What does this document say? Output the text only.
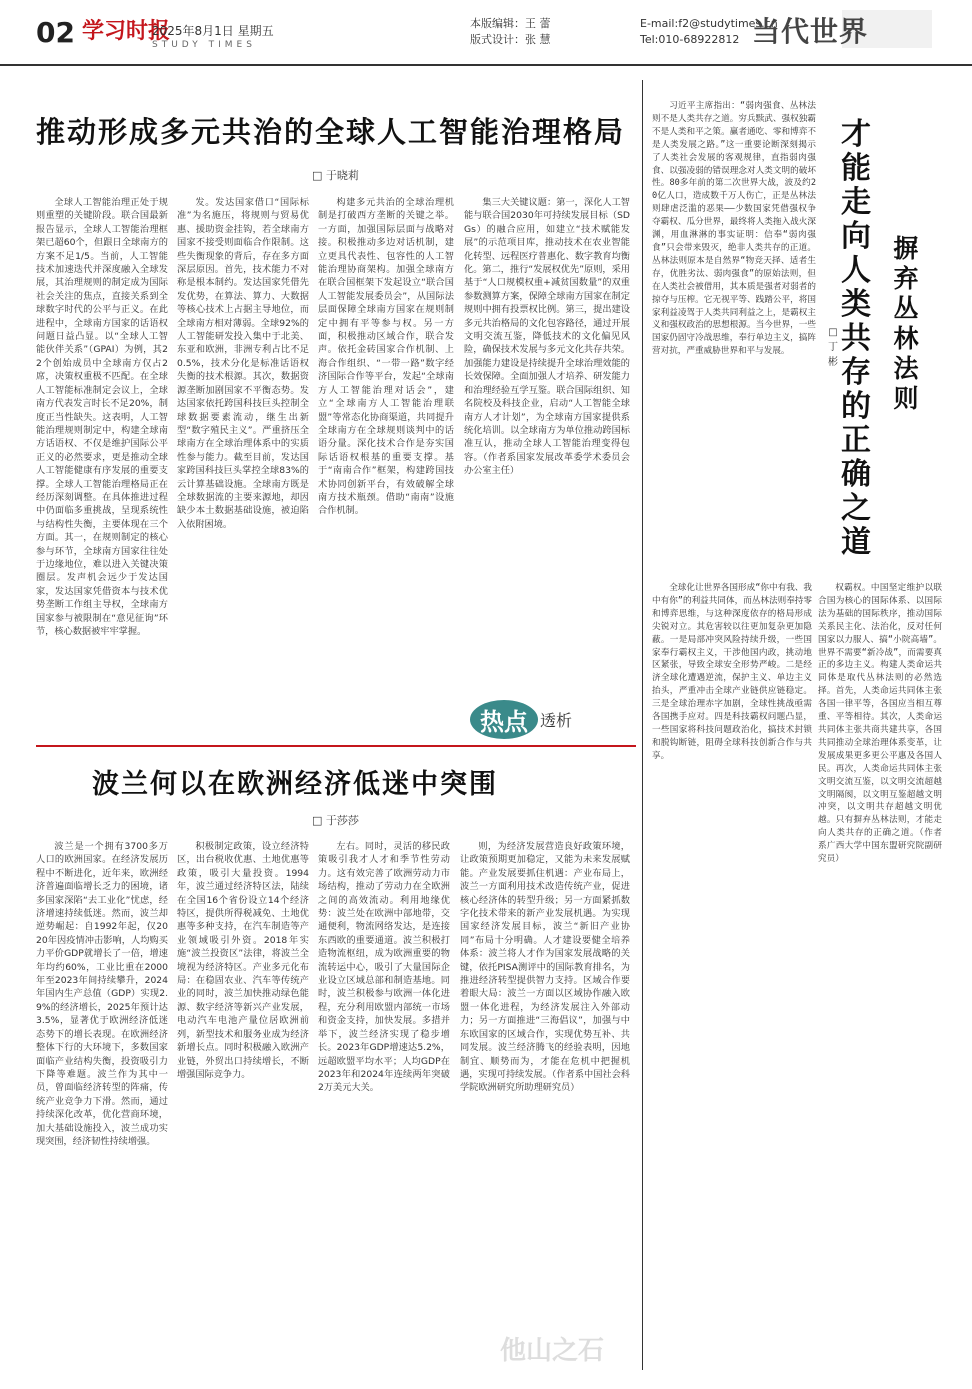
02 学习时报
2025年8月1日 星期五
STUDY TIMES
本版编辑：王 蕾
版式设计：张 慧
E-mail:f2@studytimes.cn
Tel:010-68922812 当代世界
推动形成多元共治的全球人工智能治理格局
□ 于晓莉

全球人工智能治理正处于规则重塑的关键阶段。联合国最新报告显示，全球人工智能治理框架已超60个，但跟日全球南方的方案不足1/5。当前，人工智能技术加速迭代并深度融入全球发展，其治理规则的制定成为国际社会关注的焦点，直接关系到全球数字时代的公平与正义。在此进程中，全球南方国家的话语权问题日益凸显。以“全球人工智能伙伴关系”（GPAI）为例，其22个创始成员中全球南方仅占2席，决策权重极不匹配。在全球人工智能标准制定会议上，全球南方代表发言时长不足20%，制度正当性缺失。这表明，人工智能治理规则制定中，构建全球南方话语权、不仅是维护国际公平正义的必然要求，更是推动全球人工智能健康有序发展的重要支撑。全球人工智能治理格局正在经历深刻调整。在具体推进过程中仍面临多重挑战，呈现系统性与结构性失衡，主要体现在三个方面。其一，在规则制定的核心参与环节，全球南方国家往往处于边缘地位，难以进入关键决策圈层。发声机会远少于发达国家，发达国家凭借资本与技术优势垄断工作组主导权，全球南方国家参与被限制在“意见征询”环节，核心数据被牢牢掌握。

发。发达国家借口“国际标准”为名施压，将规则与贸易优惠、援助资金挂钩，若全球南方国家不接受则面临合作限制。这些失衡现象的背后，存在多方面深层原因。首先，技术能力不对称是根本制约。发达国家凭借先发优势，在算法、算力、大数据等核心技术上占据主导地位，而全球南方相对薄弱。全球92%的人工智能研发投入集中于北美、东亚和欧洲，非洲专利占比不足0.5%，技术分化是标准话语权失衡的技术根源。其次，数据资源垄断加剧国家不平衡态势。发达国家依托跨国科技巨头控制全球数据要素流动，继生出新型“数字殖民主义”。严重挤压全球南方在全球治理体系中的实质性参与能力。截至目前，发达国家跨国科技巨头掌控全球83%的云计算基础设施。全球南方既是全球数据流的主要来源地，却因缺少本土数据基础设施，被迫陷入依附困境。

构建多元共治的全球治理机制是打破西方垄断的关键之举。一方面，加强国际层面与战略对接。积极推动多边对话机制，建立更具代表性、包容性的人工智能治理协商架构。加强全球南方在联合国框架下发起设立“联合国人工智能发展委员会”，从国际法层面保障全球南方国家在规则制定中拥有平等参与权。另一方面，积极推动区域合作，联合发声。依托金砖国家合作机制、上海合作组织、“一带一路”数字经济国际合作等平台，发起“全球南方人工智能治理对话会”，建立“全球南方人工智能治理联盟”等常态化协商渠道，共同提升全球南方在全球规则谈判中的话语分量。深化技术合作是夯实国际话语权根基的重要支撑。基于“南南合作”框架，构建跨国技术协同创新平台，有效破解全球南方技术瓶颈。借助“南南”设施合作机制。

集三大关键议题：第一，深化人工智能与联合国2030年可持续发展目标（SDGs）的融合应用，如建立“技术赋能发展”的示范项目库，推动技术在农业智能化转型、远程医疗普惠化、数字教育均衡化。第二，推行“发展权优先”原则，采用基于“人口规模权重+减贫国数量”的双重参数测算方案，保障全球南方国家在制定规则中拥有投票权比例。第三，提出建设多元共治格局的文化包容路径，通过开展文明交流互鉴，降低技术的文化偏见风险，确保技术发展与多元文化共存共荣。加强能力建设是持续提升全球治理效能的长效保障。全面加强人才培养、研发能力和治理经验互学互鉴。联合国际组织、知名院校及科技企业，启动“人工智能全球南方人才计划”，为全球南方国家提供系统化培训。以全球南方为单位推动跨国标准互认，推动全球人工智能治理变得包容。（作者系国家发展改革委学术委员会办公室主任）

热点 透析
波兰何以在欧洲经济低迷中突围
□ 于莎莎

波兰是一个拥有3700多万人口的欧洲国家。在经济发展历程中不断进化，近年来，欧洲经济普遍面临增长乏力的困境，诸多国家深陷“去工业化”忧虑，经济增速持续低迷。然而，波兰却逆势崛起：自1992年起，仅2020年因疫情冲击影响，人均购买力平价GDP就增长了一倍，增速年均约60%，工业比重在2000年至2023年间持续攀升，2024年国内生产总值（GDP）实现2.9%的经济增长，2025年预计达3.5%，显著优于欧洲经济低迷态势下的增长表现。在欧洲经济整体下行的大环境下，多数国家面临产业结构失衡，投资吸引力下降等难题。波兰作为其中一员，曾面临经济转型的阵痛，传统产业竞争力下滑。然而，通过持续深化改革，优化营商环境，加大基础设施投入，波兰成功实现突围，经济韧性持续增强。

积极制定政策，设立经济特区，出台税收优惠、土地优惠等政策，吸引大量投资。1994年，波兰通过经济特区法，陆续在全国16个省份设立14个经济特区，提供所得税减免、土地优惠等多种支持，在汽车制造等产业领域吸引外资。2018年实施“波兰投资区”法律，将波兰全境视为经济特区。产业多元化布局：在稳固农业、汽车等传统产业的同时，波兰加快推动绿色能源、数字经济等新兴产业发展，电动汽车电池产量位居欧洲前列，新型技术和服务业成为经济新增长点。同时积极融入欧洲产业链，外贸出口持续增长，不断增强国际竞争力。

左右。同时，灵活的移民政策吸引我才人才和季节性劳动力。这有效完善了欧洲劳动力市场结构，推动了劳动力在全欧洲之间的高效流动。利用地缘优势：波兰处在欧洲中部地带，交通便利，物流网络发达，是连接东西欧的重要通道。波兰积极打造物流枢纽，成为欧洲重要的物流转运中心，吸引了大量国际企业设立区域总部和制造基地。同时，波兰积极参与欧洲一体化进程，充分利用欧盟内部统一市场和资金支持，加快发展。多措并举下，波兰经济实现了稳步增长。2023年GDP增速达5.2%，远超欧盟平均水平；人均GDP在2023年和2024年连续两年突破2万美元大关。

则，为经济发展营造良好政策环境，让政策预期更加稳定，又能为未来发展赋能。产业发展要抓住机遇：产业布局上，波兰一方面利用技术改造传统产业，促进核心经济体的转型升级；另一方面紧抓数字化技术带来的新产业发展机遇。为实现国家经济发展目标，波兰“新旧产业协同”布局十分明确。人才建设要健全培养体系：波兰将人才作为国家发展战略的关键，依托PISA测评中的国际教育排名，为推进经济转型提供智力支持。区域合作要着眼大局：波兰一方面以区域协作融入欧盟一体化进程，为经济发展注入外部动力；另一方面推进“三海倡议”，加强与中东欧国家的区域合作，实现优势互补、共同发展。波兰经济腾飞的经验表明，因地制宜、顺势而为，才能在危机中把握机遇，实现可持续发展。（作者系中国社会科学院欧洲研究所助理研究员）

他山之石
才能走向人类共存的正确之道
摒弃丛林法则
□ 丁彬

习近平主席指出：“弱肉强食、丛林法则不是人类共存之道。穷兵黩武、强权独霸不是人类和平之策。赢者通吃、零和博弈不是人类发展之路。”这一重要论断深刻揭示了人类社会发展的客观规律，直指弱肉强食、以强凌弱的错误理念对人类文明的破坏性。80多年前的第二次世界大战，波及约20亿人口，造成数千万人伤亡，正是丛林法则肆虐泛滥的恶果——少数国家凭借强权争夺霸权、瓜分世界，最终将人类拖入战火深渊，用血淋淋的事实证明：信奉“弱肉强食”只会带来毁灭，绝非人类共存的正道。丛林法则原本是自然界“物竞天择、适者生存，优胜劣汰、弱肉强食”的原始法则，但在人类社会被借用，其本质是强者对弱者的掠夺与压榨。它无视平等、践踏公平，将国家利益凌驾于人类共同利益之上，是霸权主义和强权政治的思想根源。当今世界，一些国家仍固守冷战思维，奉行单边主义，搞阵营对抗，严重威胁世界和平与发展。

全球化让世界各国形成“你中有我、我中有你”的利益共同体，而丛林法则奉持零和博弈思维，与这种深度依存的格局形成尖锐对立。其危害较以往更加复杂更加隐蔽。一是局部冲突风险持续升级，一些国家奉行霸权主义，干涉他国内政，挑动地区紧张，导致全球安全形势严峻。二是经济全球化遭遇逆流，保护主义、单边主义抬头，严重冲击全球产业链供应链稳定。三是全球治理赤字加剧，全球性挑战亟需各国携手应对。四是科技霸权问题凸显，一些国家将科技问题政治化，搞技术封锁和脱钩断链，阻碍全球科技创新合作与共享。

权霸权。中国坚定维护以联合国为核心的国际体系、以国际法为基础的国际秩序，推动国际关系民主化、法治化，反对任何国家以力服人、搞“小院高墙”。世界不需要“新冷战”，而需要真正的多边主义。构建人类命运共同体是取代丛林法则的必然选择。首先，人类命运共同体主张各国一律平等，各国应当相互尊重、平等相待。其次，人类命运共同体主张共商共建共享，各国共同推动全球治理体系变革，让发展成果更多更公平惠及各国人民。再次，人类命运共同体主张文明交流互鉴，以文明交流超越文明隔阂，以文明互鉴超越文明冲突，以文明共存超越文明优越。只有摒弃丛林法则，才能走向人类共存的正确之道。（作者系广西大学中国东盟研究院副研究员）
